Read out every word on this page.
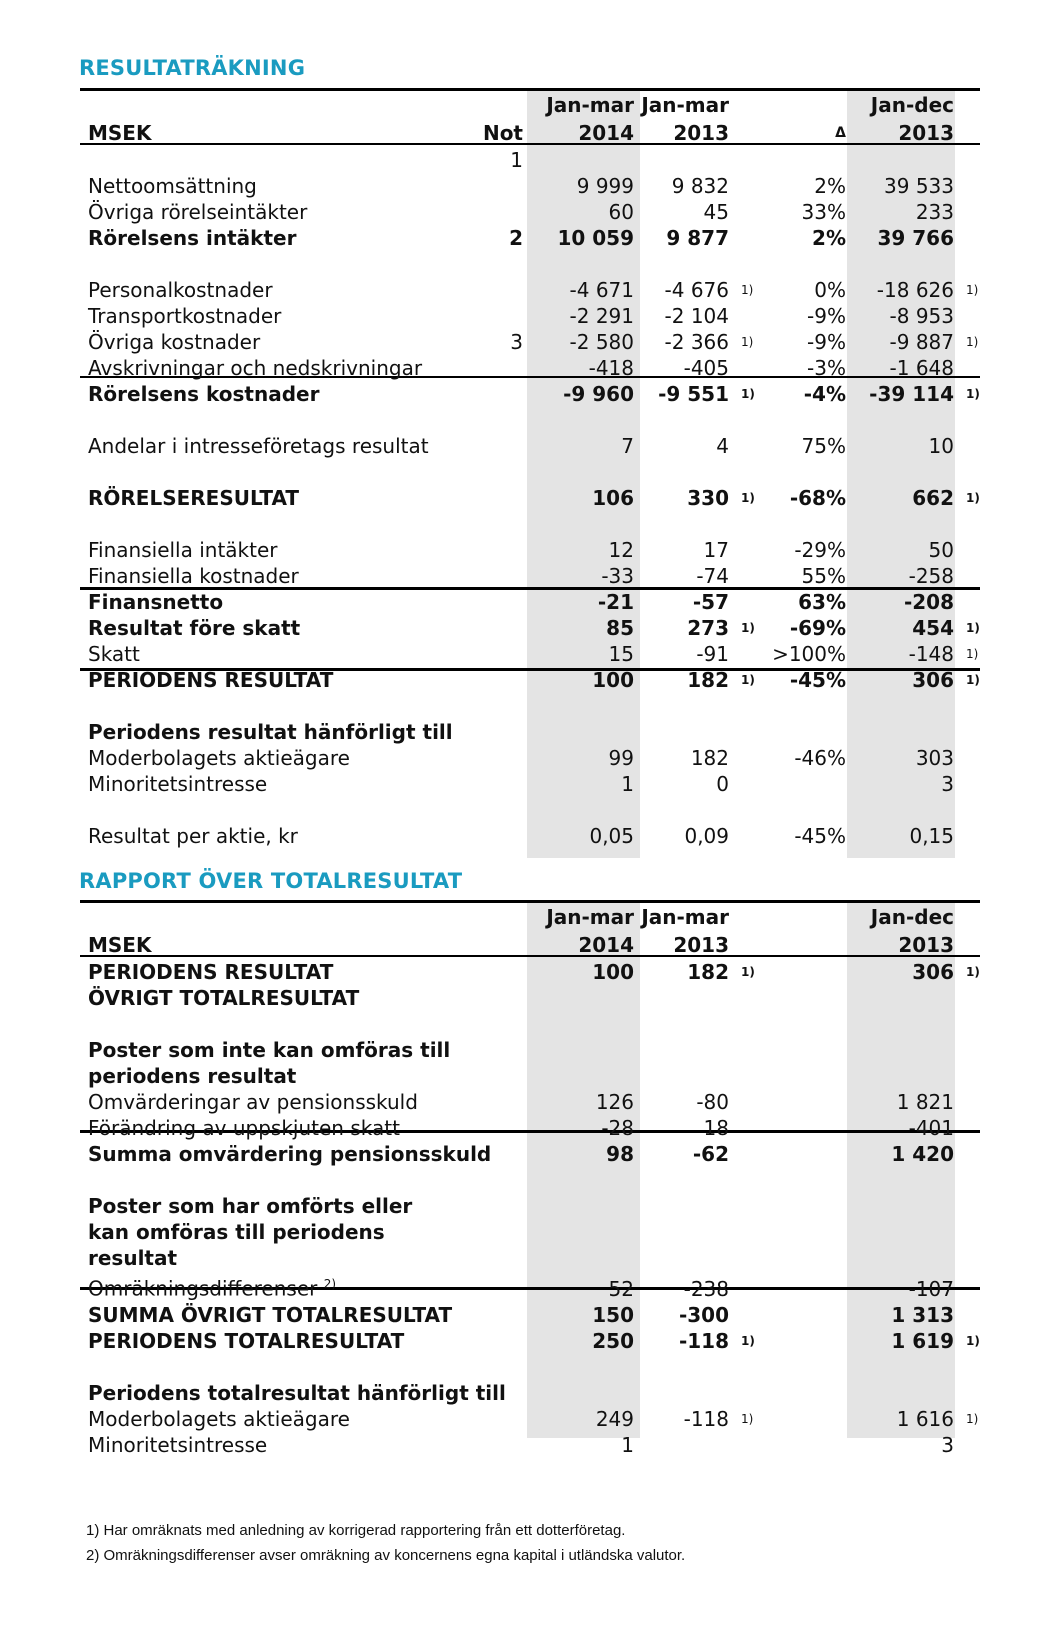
RESULTATRÄKNING
		Jan-mar	Jan-mar			Jan-dec	
MSEK	Not	2014	2013		Δ	2013	
	1						
Nettoomsättning		9 999	9 832		2%	39 533	
Övriga rörelseintäkter		60	45		33%	233	
Rörelsens intäkter	2	10 059	9 877		2%	39 766	

Personalkostnader		-4 671	-4 676	1)	0%	-18 626	1)
Transportkostnader		-2 291	-2 104		-9%	-8 953	
Övriga kostnader	3	-2 580	-2 366	1)	-9%	-9 887	1)
Avskrivningar och nedskrivningar		-418	-405		-3%	-1 648	
Rörelsens kostnader		-9 960	-9 551	1)	-4%	-39 114	1)

Andelar i intresseföretags resultat		7	4		75%	10	

RÖRELSERESULTAT		106	330	1)	-68%	662	1)

Finansiella intäkter		12	17		-29%	50	
Finansiella kostnader		-33	-74		55%	-258	
Finansnetto		-21	-57		63%	-208	
Resultat före skatt		85	273	1)	-69%	454	1)
Skatt		15	-91		>100%	-148	1)
PERIODENS RESULTAT		100	182	1)	-45%	306	1)

Periodens resultat hänförligt till							
Moderbolagets aktieägare		99	182		-46%	303	
Minoritetsintresse		1	0			3	

Resultat per aktie, kr		0,05	0,09		-45%	0,15	
RAPPORT ÖVER TOTALRESULTAT
		Jan-mar	Jan-mar			Jan-dec	
MSEK		2014	2013			2013	
PERIODENS RESULTAT		100	182	1)		306	1)
ÖVRIGT TOTALRESULTAT							

Poster som inte kan omföras till							
periodens resultat							
Omvärderingar av pensionsskuld		126	-80			1 821	
Förändring av uppskjuten skatt		-28	18			-401	
Summa omvärdering pensionsskuld		98	-62			1 420	

Poster som har omförts eller							
kan omföras till periodens							
resultat							
Omräkningsdifferenser $^{2)}$		52	-238			-107	
SUMMA ÖVRIGT TOTALRESULTAT		150	-300			1 313	
PERIODENS TOTALRESULTAT		250	-118	1)		1 619	1)

Periodens totalresultat hänförligt till							
Moderbolagets aktieägare		249	-118	1)		1 616	1)
Minoritetsintresse		1				3	
1) Har omräknats med anledning av korrigerad rapportering från ett dotterföretag.
2) Omräkningsdifferenser avser omräkning av koncernens egna kapital i utländska valutor.
